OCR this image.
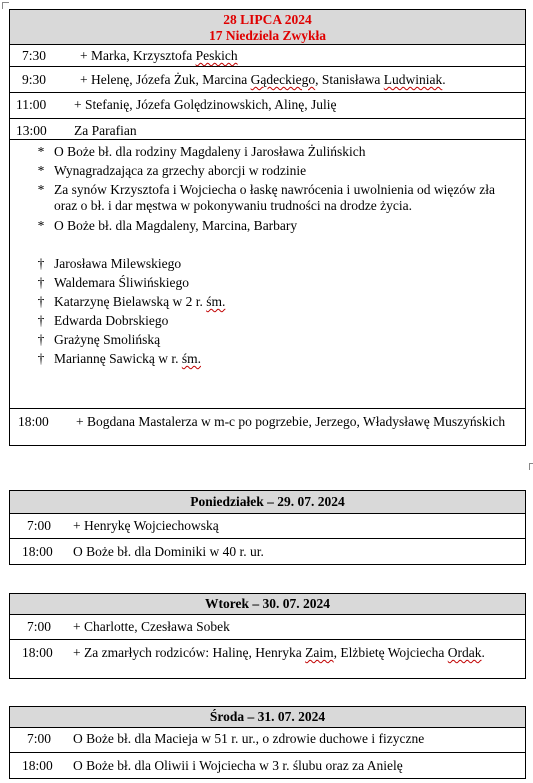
28 LIPCA 2024
17 Niedziela Zwykła

7:30	+ Marka, Krzysztofa Peskich

9:30	+ Helenę, Józefa Żuk, Marcina Gądeckiego, Stanisława Ludwiniak.

11:00	+ Stefanię, Józefa Golędzinowskich, Alinę, Julię

13:00	Za Parafian

* O Boże bł. dla rodziny Magdaleny i Jarosława Żulińskich
* Wynagradzająca za grzechy aborcji w rodzinie
* Za synów Krzysztofa i Wojciecha o łaskę nawrócenia i uwolnienia od więzów zła oraz o bł. i dar męstwa w pokonywaniu trudności na drodze życia.
* O Boże bł. dla Magdaleny, Marcina, Barbary
† Jarosława Milewskiego
† Waldemara Śliwińskiego
† Katarzynę Bielawską w 2 r. śm.
† Edwarda Dobrskiego
† Grażynę Smolińską
† Mariannę Sawicką w r. śm.

18:00	+ Bogdana Mastalerza w m-c po pogrzebie, Jerzego, Władysławę Muszyńskich
Poniedziałek – 29. 07. 2024

7:00	+ Henrykę Wojciechowską

18:00	O Boże bł. dla Dominiki w 40 r. ur.
Wtorek – 30. 07. 2024

7:00	+ Charlotte, Czesława Sobek

18:00	+ Za zmarłych rodziców: Halinę, Henryka Zaim, Elżbietę Wojciecha Ordak.
Środa – 31. 07. 2024

7:00	O Boże bł. dla Macieja w 51 r. ur., o zdrowie duchowe i fizyczne

18:00	O Boże bł. dla Oliwii i Wojciecha w 3 r. ślubu oraz za Anielę
